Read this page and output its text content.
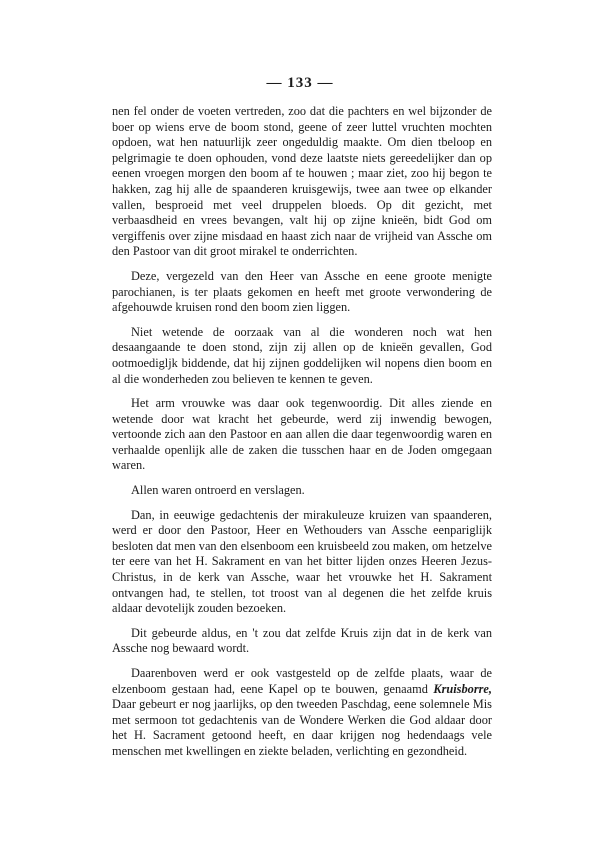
— 133 —

nen fel onder de voeten vertreden, zoo dat die pachters en wel bijzonder de boer op wiens erve de boom stond, geene of zeer luttel vruchten mochten opdoen, wat hen natuurlijk zeer ongeduldig maakte. Om dien tbeloop en pelgrimagie te doen ophouden, vond deze laatste niets gereedelijker dan op eenen vroegen morgen den boom af te houwen ; maar ziet, zoo hij begon te hakken, zag hij alle de spaanderen kruisgewijs, twee aan twee op elkander vallen, besproeid met veel druppelen bloeds. Op dit gezicht, met verbaasdheid en vrees bevangen, valt hij op zijne knieën, bidt God om vergiffenis over zijne misdaad en haast zich naar de vrijheid van Assche om den Pastoor van dit groot mirakel te onderrichten.

Deze, vergezeld van den Heer van Assche en eene groote menigte parochianen, is ter plaats gekomen en heeft met groote verwondering de afgehouwde kruisen rond den boom zien liggen.

Niet wetende de oorzaak van al die wonderen noch wat hen desaangaande te doen stond, zijn zij allen op de knieën gevallen, God ootmoedigljk biddende, dat hij zijnen goddelijken wil nopens dien boom en al die wonderheden zou believen te kennen te geven.

Het arm vrouwke was daar ook tegenwoordig. Dit alles ziende en wetende door wat kracht het gebeurde, werd zij inwendig bewogen, vertoonde zich aan den Pastoor en aan allen die daar tegenwoordig waren en verhaalde openlijk alle de zaken die tusschen haar en de Joden omgegaan waren.

Allen waren ontroerd en verslagen.

Dan, in eeuwige gedachtenis der mirakuleuze kruizen van spaanderen, werd er door den Pastoor, Heer en Wethouders van Assche eenpariglijk besloten dat men van den elsenboom een kruisbeeld zou maken, om hetzelve ter eere van het H. Sakrament en van het bitter lijden onzes Heeren Jezus-Christus, in de kerk van Assche, waar het vrouwke het H. Sakrament ontvangen had, te stellen, tot troost van al degenen die het zelfde kruis aldaar devotelijk zouden bezoeken.

Dit gebeurde aldus, en 't zou dat zelfde Kruis zijn dat in de kerk van Assche nog bewaard wordt.

Daarenboven werd er ook vastgesteld op de zelfde plaats, waar de elzenboom gestaan had, eene Kapel op te bouwen, genaamd Kruisborre, Daar gebeurt er nog jaarlijks, op den tweeden Paschdag, eene solemnele Mis met sermoon tot gedachtenis van de Wondere Werken die God aldaar door het H. Sacrament getoond heeft, en daar krijgen nog hedendaags vele menschen met kwellingen en ziekte beladen, verlichting en gezondheid.
